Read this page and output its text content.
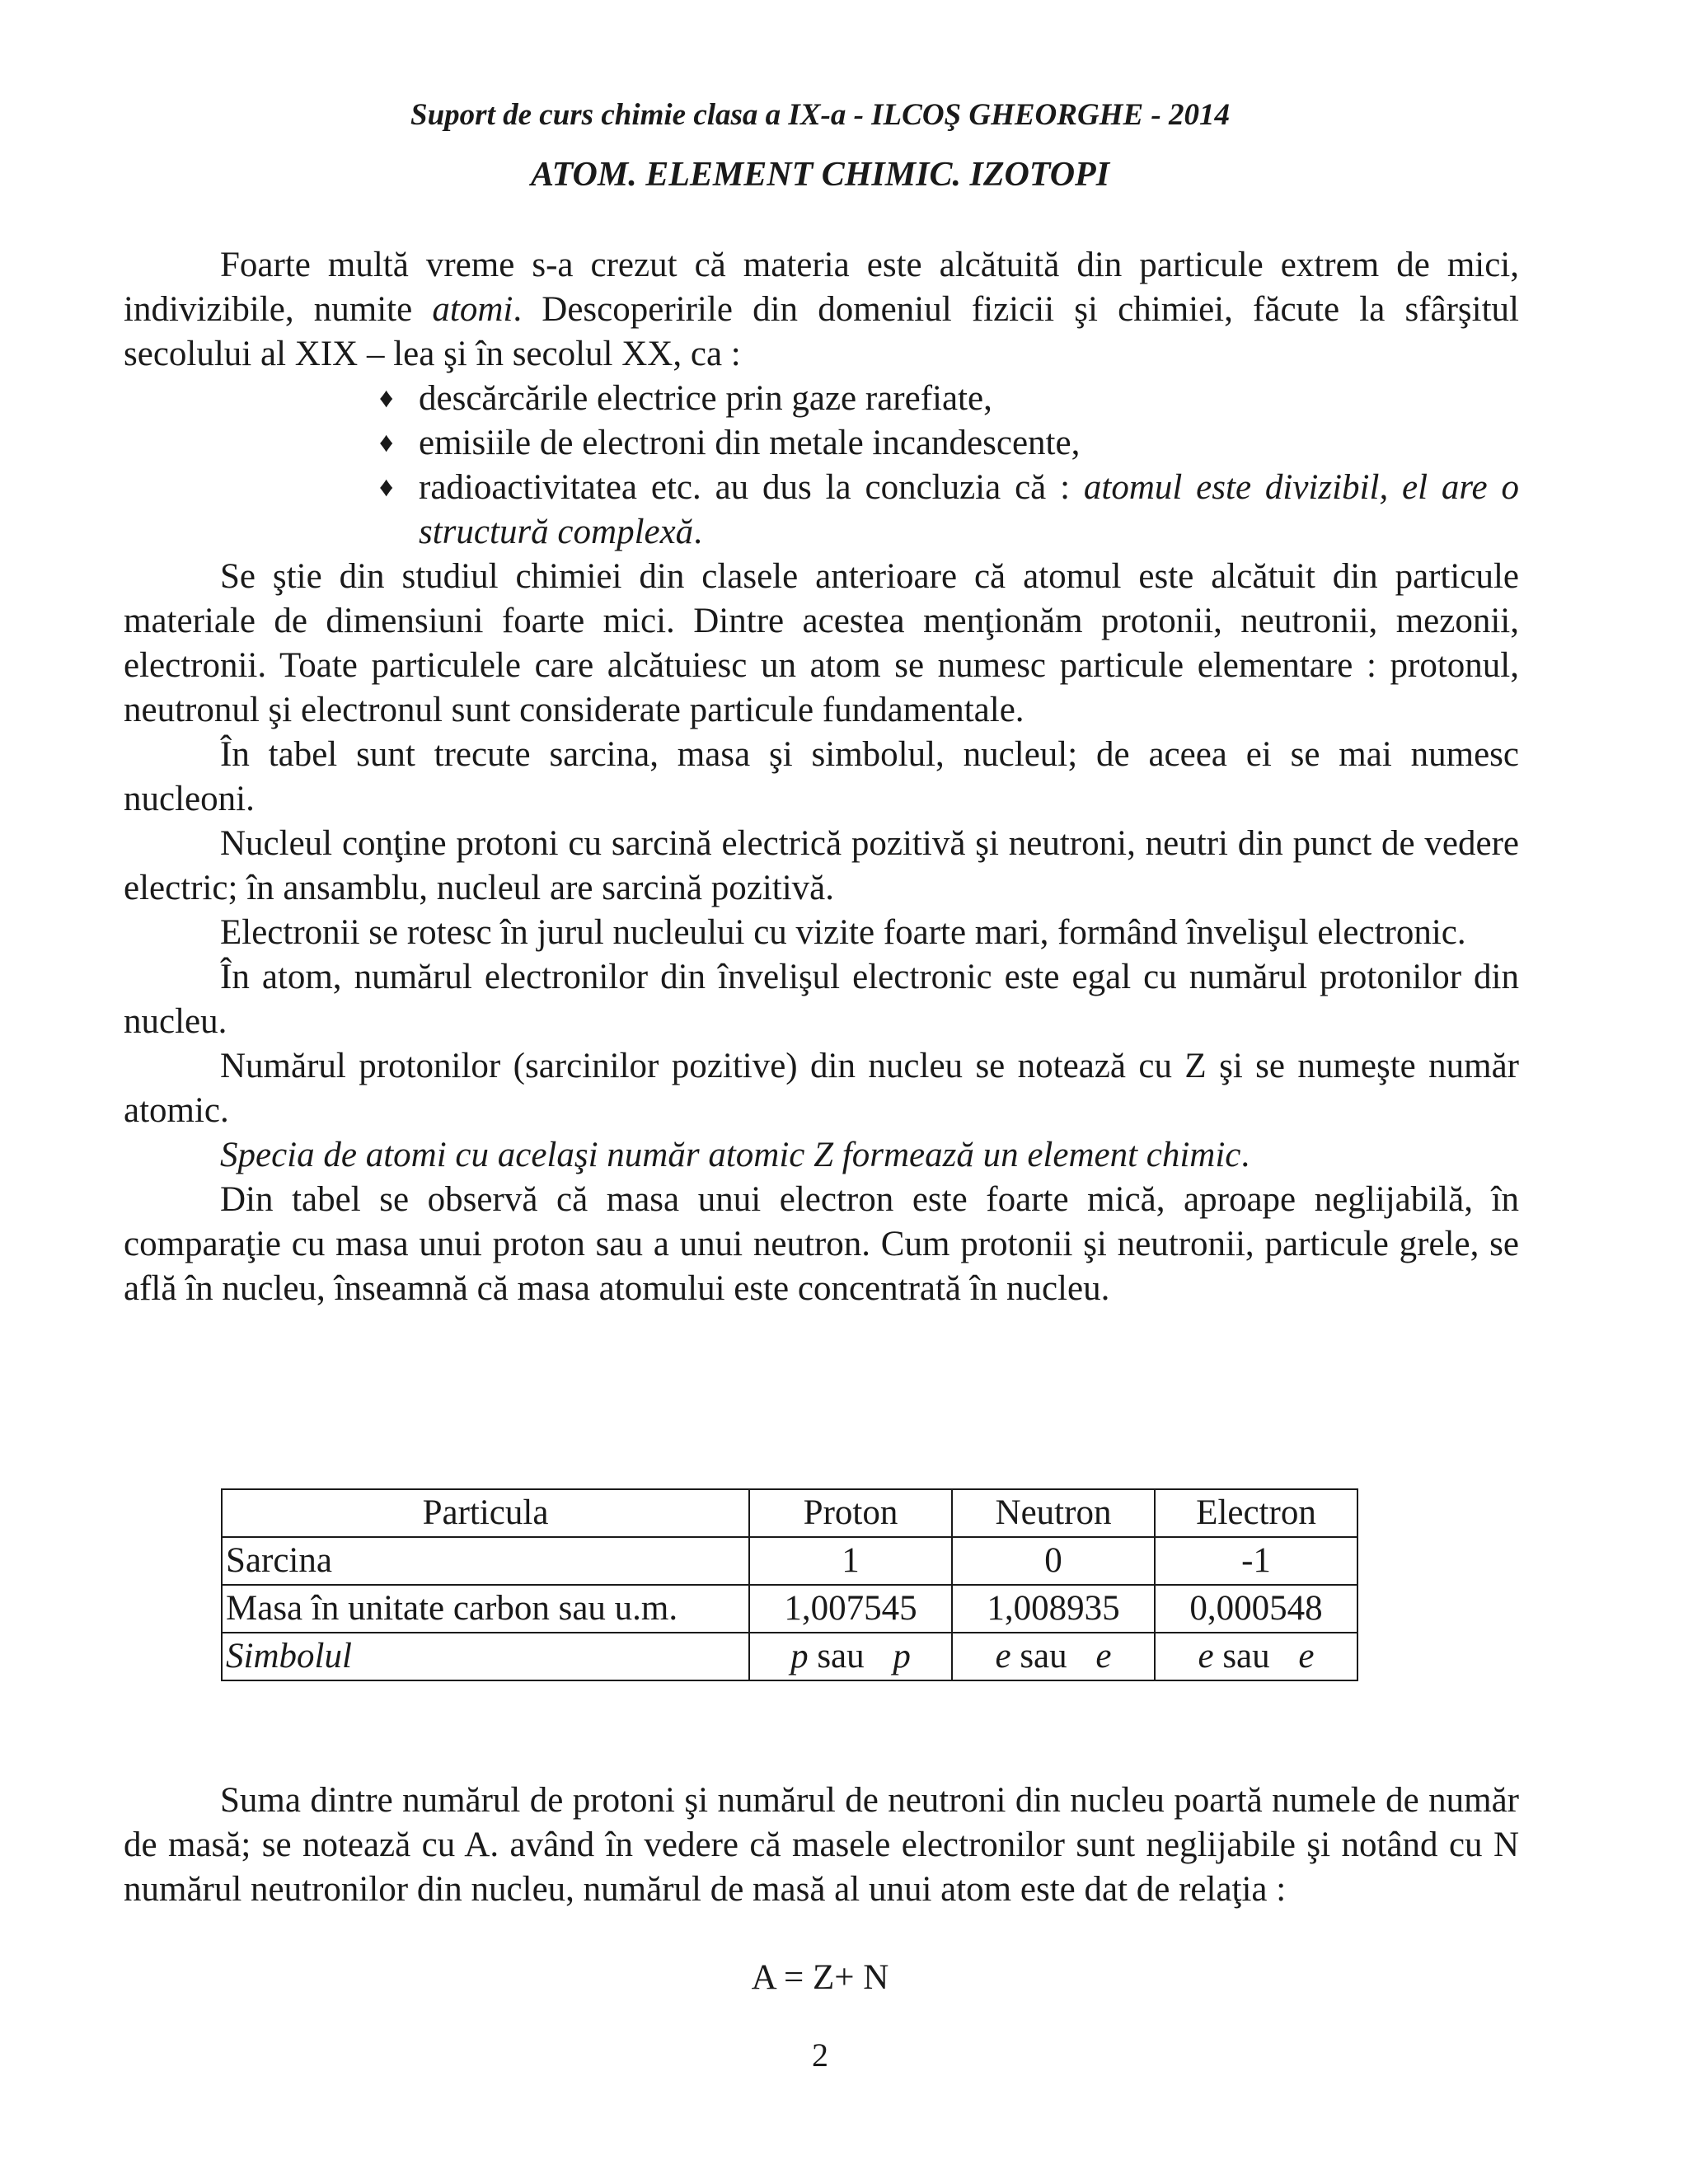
Suport de curs chimie clasa a IX-a - ILCOŞ GHEORGHE - 2014
ATOM. ELEMENT CHIMIC. IZOTOPI

Foarte multă vreme s-a crezut că materia este alcătuită din particule extrem de mici, indivizibile, numite atomi. Descoperirile din domeniul fizicii şi chimiei, făcute la sfârşitul secolului al XIX – lea şi în secolul XX, ca :

♦ descărcările electrice prin gaze rarefiate,
♦ emisiile de electroni din metale incandescente,
♦ radioactivitatea etc. au dus la concluzia că : atomul este divizibil, el are o structură complexă.

Se ştie din studiul chimiei din clasele anterioare că atomul este alcătuit din particule materiale de dimensiuni foarte mici. Dintre acestea menţionăm protonii, neutronii, mezonii, electronii. Toate particulele care alcătuiesc un atom se numesc particule elementare : protonul, neutronul şi electronul sunt considerate particule fundamentale.

În tabel sunt trecute sarcina, masa şi simbolul, nucleul; de aceea ei se mai numesc nucleoni.

Nucleul conţine protoni cu sarcină electrică pozitivă şi neutroni, neutri din punct de vedere electric; în ansamblu, nucleul are sarcină pozitivă.

Electronii se rotesc în jurul nucleului cu vizite foarte mari, formând învelişul electronic.

În atom, numărul electronilor din învelişul electronic este egal cu numărul protonilor din nucleu.

Numărul protonilor (sarcinilor pozitive) din nucleu se notează cu Z şi se numeşte număr atomic.

Specia de atomi cu acelaşi număr atomic Z formează un element chimic.

Din tabel se observă că masa unui electron este foarte mică, aproape neglijabilă, în comparaţie cu masa unui proton sau a unui neutron. Cum protonii şi neutronii, particule grele, se află în nucleu, înseamnă că masa atomului este concentrată în nucleu.

Particula	Proton	Neutron	Electron
Sarcina	1	0	-1
Masa în unitate carbon sau u.m.	1,007545	1,008935	0,000548
Simbolul	p sau p	e sau e	e sau e

Suma dintre numărul de protoni şi numărul de neutroni din nucleu poartă numele de număr de masă; se notează cu A. având în vedere că masele electronilor sunt neglijabile şi notând cu N numărul neutronilor din nucleu, numărul de masă al unui atom este dat de relaţia :

A = Z+ N
2
